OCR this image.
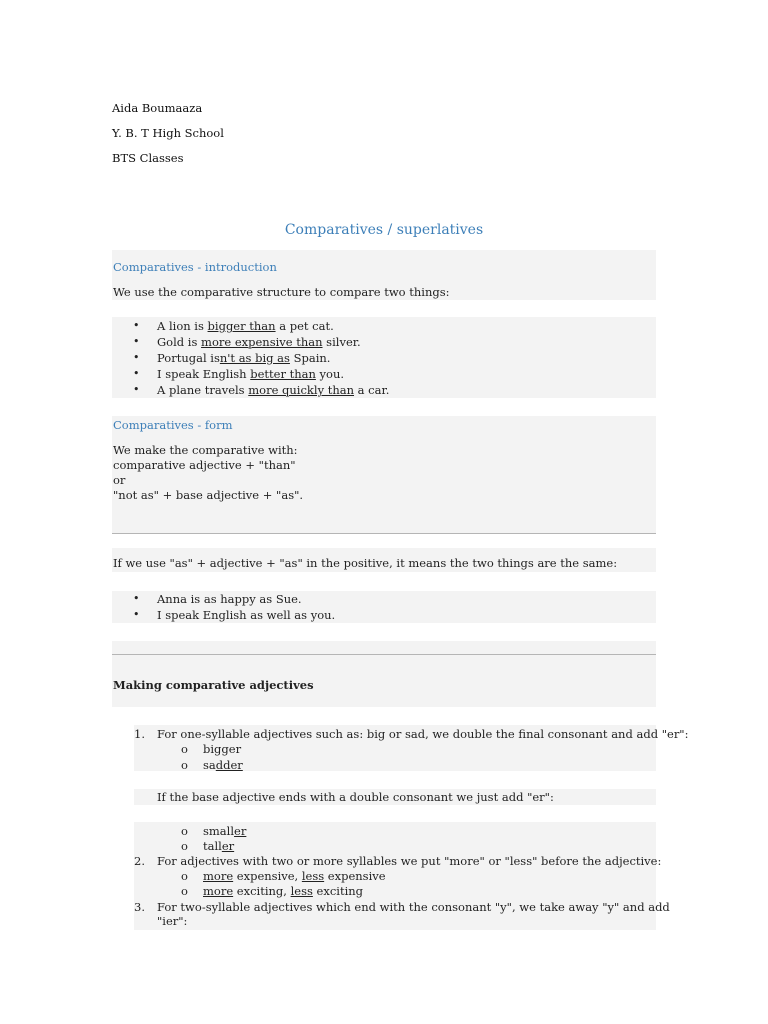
Aida Boumaaza
Y. B. T High School
BTS Classes
Comparatives / superlatives
Comparatives - introduction
We use the comparative structure to compare two things:
• A lion is bigger than a pet cat.
• Gold is more expensive than silver.
• Portugal isn't as big as Spain.
• I speak English better than you.
• A plane travels more quickly than a car.
Comparatives - form
We make the comparative with:
comparative adjective + "than"
or
"not as" + base adjective + "as".
If we use "as" + adjective + "as" in the positive, it means the two things are the same:
• Anna is as happy as Sue.
• I speak English as well as you.
Making comparative adjectives
1. For one-syllable adjectives such as: big or sad, we double the final consonant and add "er":
o bigger
o sadder
If the base adjective ends with a double consonant we just add "er":
o smaller
o taller
2. For adjectives with two or more syllables we put "more" or "less" before the adjective:
o more expensive, less expensive
o more exciting, less exciting
3. For two-syllable adjectives which end with the consonant "y", we take away "y" and add
"ier":
